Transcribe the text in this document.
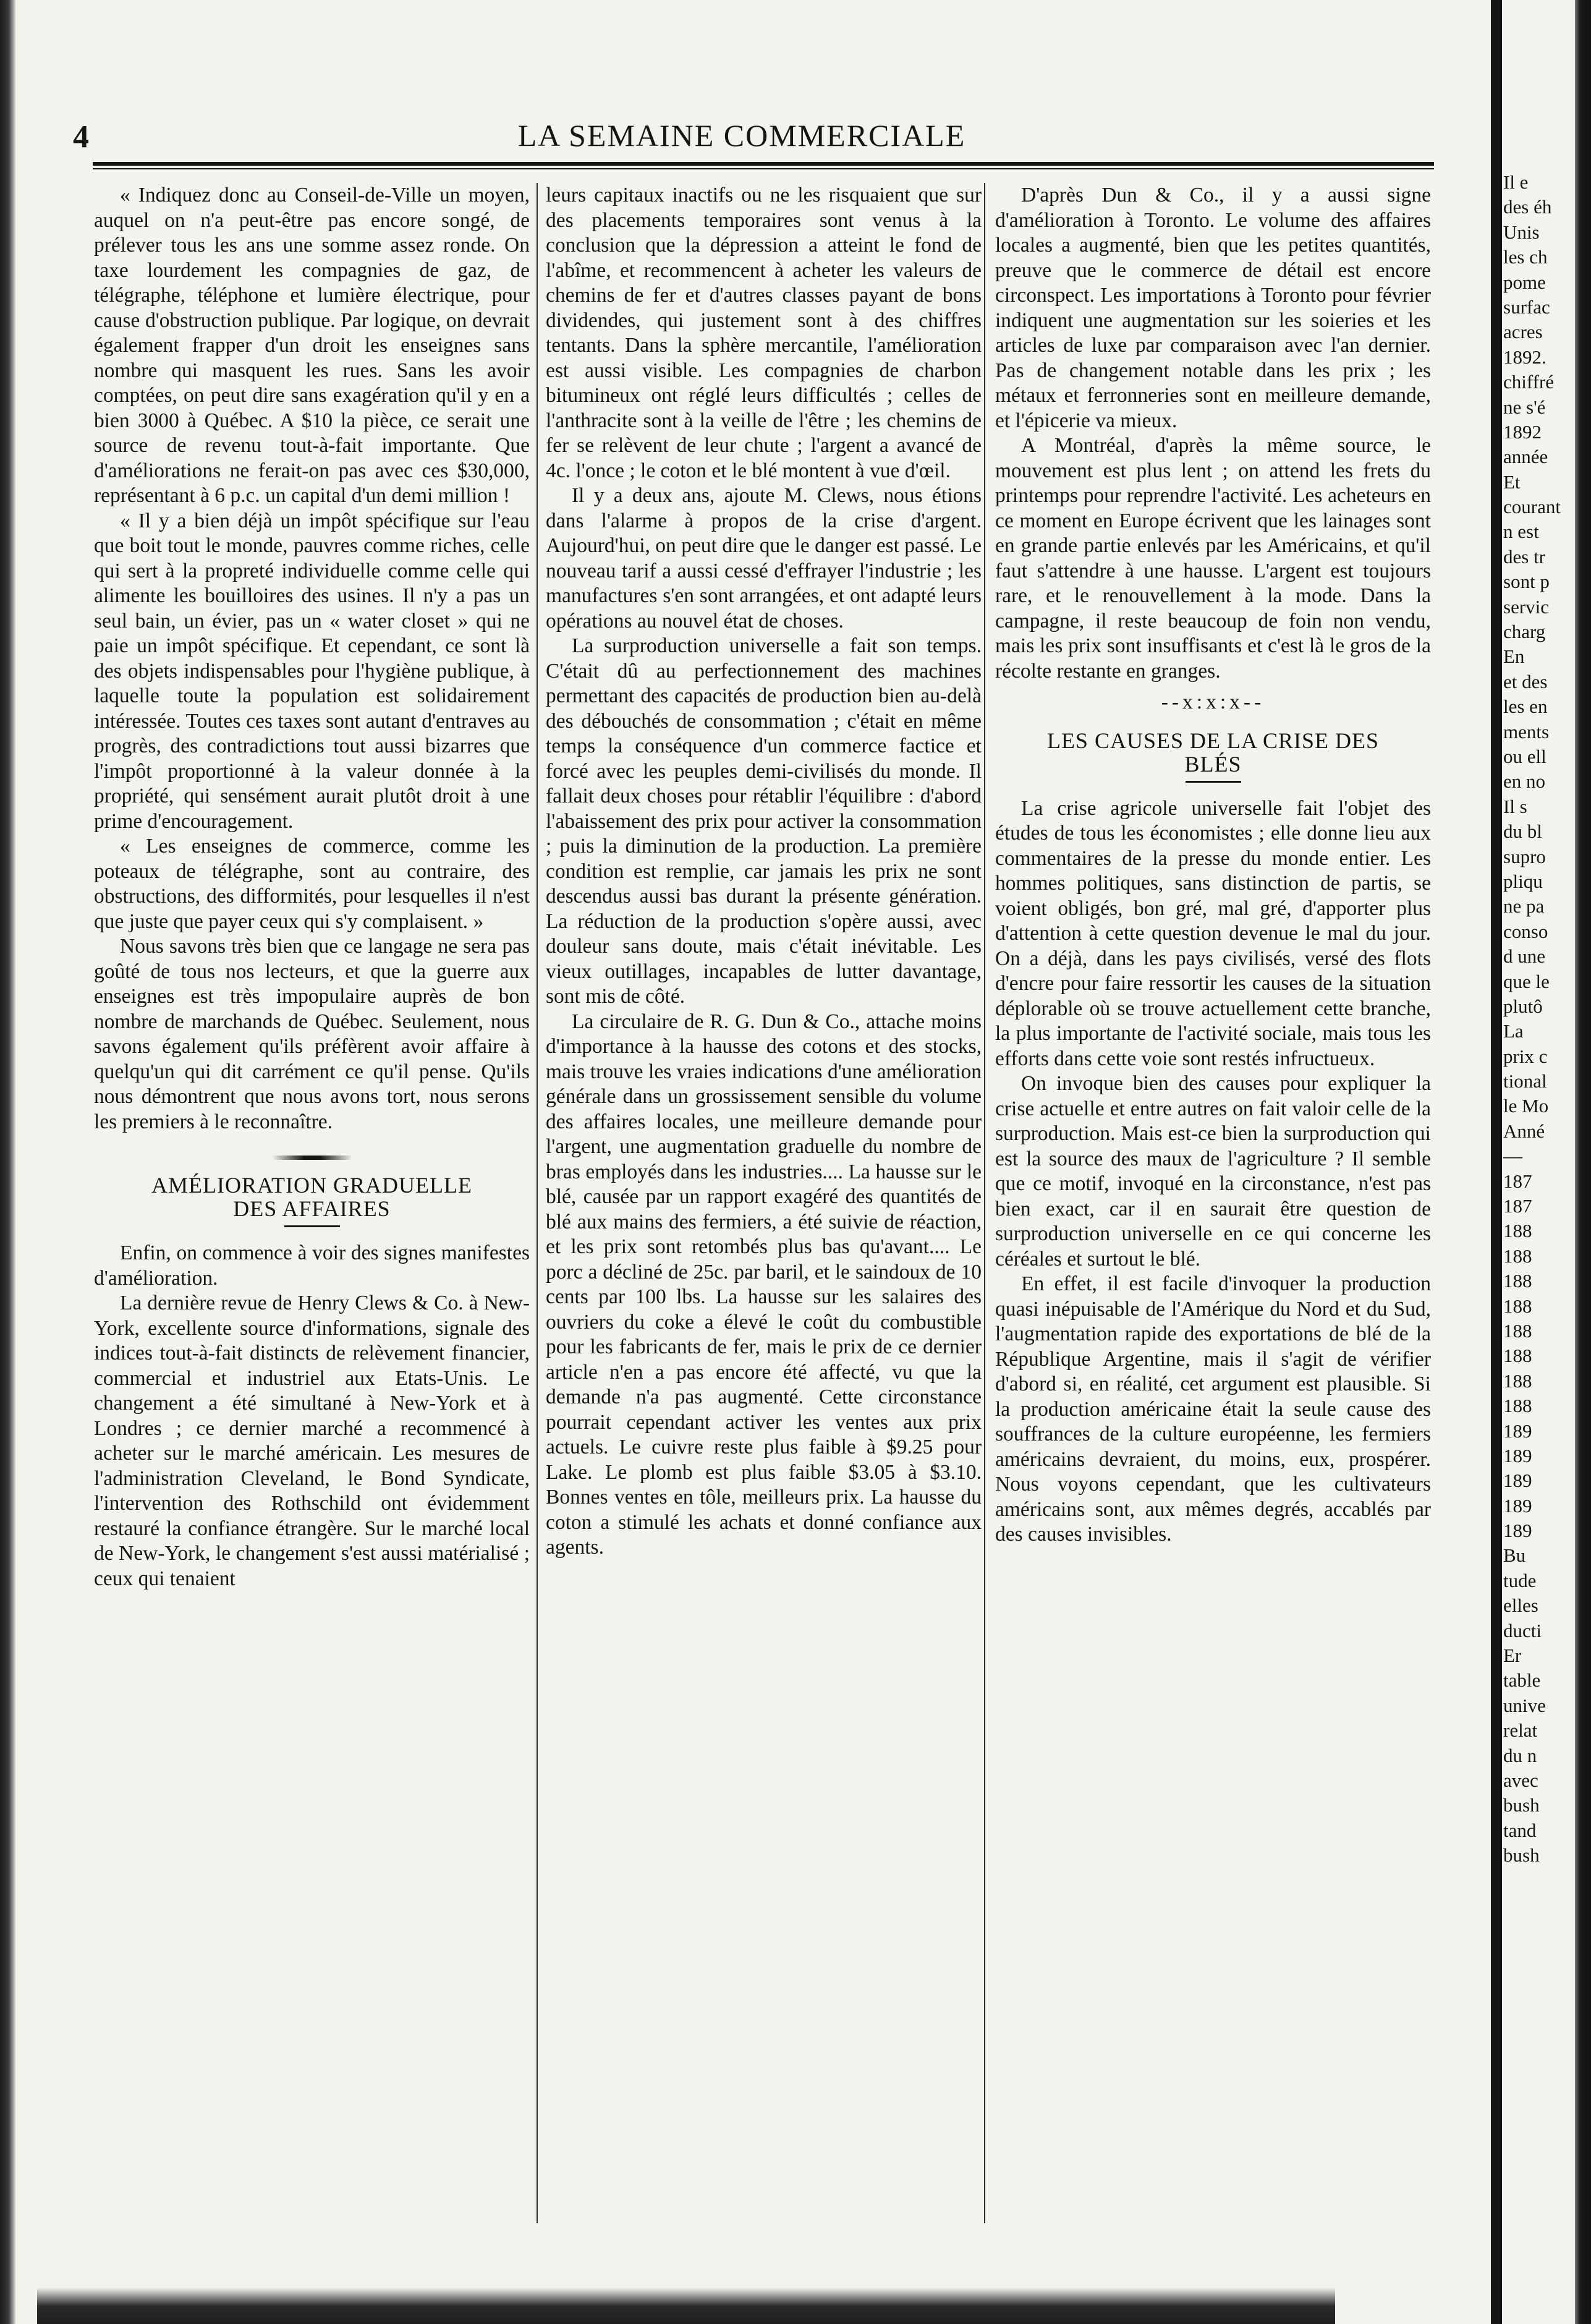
4	LA SEMAINE COMMERCIALE

« Indiquez donc au Conseil-de-Ville un moyen, auquel on n'a peut-être pas encore songé, de prélever tous les ans une somme assez ronde. On taxe lourdement les compagnies de gaz, de télégraphe, téléphone et lumière électrique, pour cause d'obstruction publique. Par logique, on devrait également frapper d'un droit les enseignes sans nombre qui masquent les rues. Sans les avoir comptées, on peut dire sans exagération qu'il y en a bien 3000 à Québec. A $10 la pièce, ce serait une source de revenu tout-à-fait importante. Que d'améliorations ne ferait-on pas avec ces $30,000, représentant à 6 p.c. un capital d'un demi million !

« Il y a bien déjà un impôt spécifique sur l'eau que boit tout le monde, pauvres comme riches, celle qui sert à la propreté individuelle comme celle qui alimente les bouilloires des usines. Il n'y a pas un seul bain, un évier, pas un « water closet » qui ne paie un impôt spécifique. Et cependant, ce sont là des objets indispensables pour l'hygiène publique, à laquelle toute la population est solidairement intéressée. Toutes ces taxes sont autant d'entraves au progrès, des contradictions tout aussi bizarres que l'impôt proportionné à la valeur donnée à la propriété, qui sensément aurait plutôt droit à une prime d'encouragement.

« Les enseignes de commerce, comme les poteaux de télégraphe, sont au contraire, des obstructions, des difformités, pour lesquelles il n'est que juste que payer ceux qui s'y complaisent. »

Nous savons très bien que ce langage ne sera pas goûté de tous nos lecteurs, et que la guerre aux enseignes est très impopulaire auprès de bon nombre de marchands de Québec. Seulement, nous savons également qu'ils préfèrent avoir affaire à quelqu'un qui dit carrément ce qu'il pense. Qu'ils nous démontrent que nous avons tort, nous serons les premiers à le reconnaître.

AMÉLIORATION GRADUELLE
DES AFFAIRES

Enfin, on commence à voir des signes manifestes d'amélioration.

La dernière revue de Henry Clews & Co. à New-York, excellente source d'informations, signale des indices tout-à-fait distincts de relèvement financier, commercial et industriel aux Etats-Unis. Le changement a été simultané à New-York et à Londres ; ce dernier marché a recommencé à acheter sur le marché américain. Les mesures de l'administration Cleveland, le Bond Syndicate, l'intervention des Rothschild ont évidemment restauré la confiance étrangère. Sur le marché local de New-York, le changement s'est aussi matérialisé ; ceux qui tenaient

leurs capitaux inactifs ou ne les risquaient que sur des placements temporaires sont venus à la conclusion que la dépression a atteint le fond de l'abîme, et recommencent à acheter les valeurs de chemins de fer et d'autres classes payant de bons dividendes, qui justement sont à des chiffres tentants. Dans la sphère mercantile, l'amélioration est aussi visible. Les compagnies de charbon bitumineux ont réglé leurs difficultés ; celles de l'anthracite sont à la veille de l'être ; les chemins de fer se relèvent de leur chute ; l'argent a avancé de 4c. l'once ; le coton et le blé montent à vue d'œil.

Il y a deux ans, ajoute M. Clews, nous étions dans l'alarme à propos de la crise d'argent. Aujourd'hui, on peut dire que le danger est passé. Le nouveau tarif a aussi cessé d'effrayer l'industrie ; les manufactures s'en sont arrangées, et ont adapté leurs opérations au nouvel état de choses.

La surproduction universelle a fait son temps. C'était dû au perfectionnement des machines permettant des capacités de production bien au-delà des débouchés de consommation ; c'était en même temps la conséquence d'un commerce factice et forcé avec les peuples demi-civilisés du monde. Il fallait deux choses pour rétablir l'équilibre : d'abord l'abaissement des prix pour activer la consommation ; puis la diminution de la production. La première condition est remplie, car jamais les prix ne sont descendus aussi bas durant la présente génération. La réduction de la production s'opère aussi, avec douleur sans doute, mais c'était inévitable. Les vieux outillages, incapables de lutter davantage, sont mis de côté.

La circulaire de R. G. Dun & Co., attache moins d'importance à la hausse des cotons et des stocks, mais trouve les vraies indications d'une amélioration générale dans un grossissement sensible du volume des affaires locales, une meilleure demande pour l'argent, une augmentation graduelle du nombre de bras employés dans les industries.... La hausse sur le blé, causée par un rapport exagéré des quantités de blé aux mains des fermiers, a été suivie de réaction, et les prix sont retombés plus bas qu'avant.... Le porc a décliné de 25c. par baril, et le saindoux de 10 cents par 100 lbs. La hausse sur les salaires des ouvriers du coke a élevé le coût du combustible pour les fabricants de fer, mais le prix de ce dernier article n'en a pas encore été affecté, vu que la demande n'a pas augmenté. Cette circonstance pourrait cependant activer les ventes aux prix actuels. Le cuivre reste plus faible à $9.25 pour Lake. Le plomb est plus faible $3.05 à $3.10. Bonnes ventes en tôle, meilleurs prix. La hausse du coton a stimulé les achats et donné confiance aux agents.

D'après Dun & Co., il y a aussi signe d'amélioration à Toronto. Le volume des affaires locales a augmenté, bien que les petites quantités, preuve que le commerce de détail est encore circonspect. Les importations à Toronto pour février indiquent une augmentation sur les soieries et les articles de luxe par comparaison avec l'an dernier. Pas de changement notable dans les prix ; les métaux et ferronneries sont en meilleure demande, et l'épicerie va mieux.

A Montréal, d'après la même source, le mouvement est plus lent ; on attend les frets du printemps pour reprendre l'activité. Les acheteurs en ce moment en Europe écrivent que les lainages sont en grande partie enlevés par les Américains, et qu'il faut s'attendre à une hausse. L'argent est toujours rare, et le renouvellement à la mode. Dans la campagne, il reste beaucoup de foin non vendu, mais les prix sont insuffisants et c'est là le gros de la récolte restante en granges.

--x:x:x--
LES CAUSES DE LA CRISE DES
BLÉS

La crise agricole universelle fait l'objet des études de tous les économistes ; elle donne lieu aux commentaires de la presse du monde entier. Les hommes politiques, sans distinction de partis, se voient obligés, bon gré, mal gré, d'apporter plus d'attention à cette question devenue le mal du jour. On a déjà, dans les pays civilisés, versé des flots d'encre pour faire ressortir les causes de la situation déplorable où se trouve actuellement cette branche, la plus importante de l'activité sociale, mais tous les efforts dans cette voie sont restés infructueux.

On invoque bien des causes pour expliquer la crise actuelle et entre autres on fait valoir celle de la surproduction. Mais est-ce bien la surproduction qui est la source des maux de l'agriculture ? Il semble que ce motif, invoqué en la circonstance, n'est pas bien exact, car il en saurait être question de surproduction universelle en ce qui concerne les céréales et surtout le blé.

En effet, il est facile d'invoquer la production quasi inépuisable de l'Amérique du Nord et du Sud, l'augmentation rapide des exportations de blé de la République Argentine, mais il s'agit de vérifier d'abord si, en réalité, cet argument est plausible. Si la production américaine était la seule cause des souffrances de la culture européenne, les fermiers américains devraient, du moins, eux, prospérer. Nous voyons cependant, que les cultivateurs américains sont, aux mêmes degrés, accablés par des causes invisibles.

Il e
des éh
Unis
les ch
pome
surfac
acres
1892.
chiffré
ne s'é
1892
année
Et
courant
n est
des tr
sont p
servic
charg
En
et des
les en
ments
ou ell
en no
Il s
du bl
supro
pliqu
ne pa
conso
d une
que le
plutô
La
prix c
tional
le Mo
Anné
—
187
187
188
188
188
188
188
188
188
188
189
189
189
189
189
Bu
tude
elles
ducti
Er
table
unive
relat
du n
avec
bush
tand
bush
